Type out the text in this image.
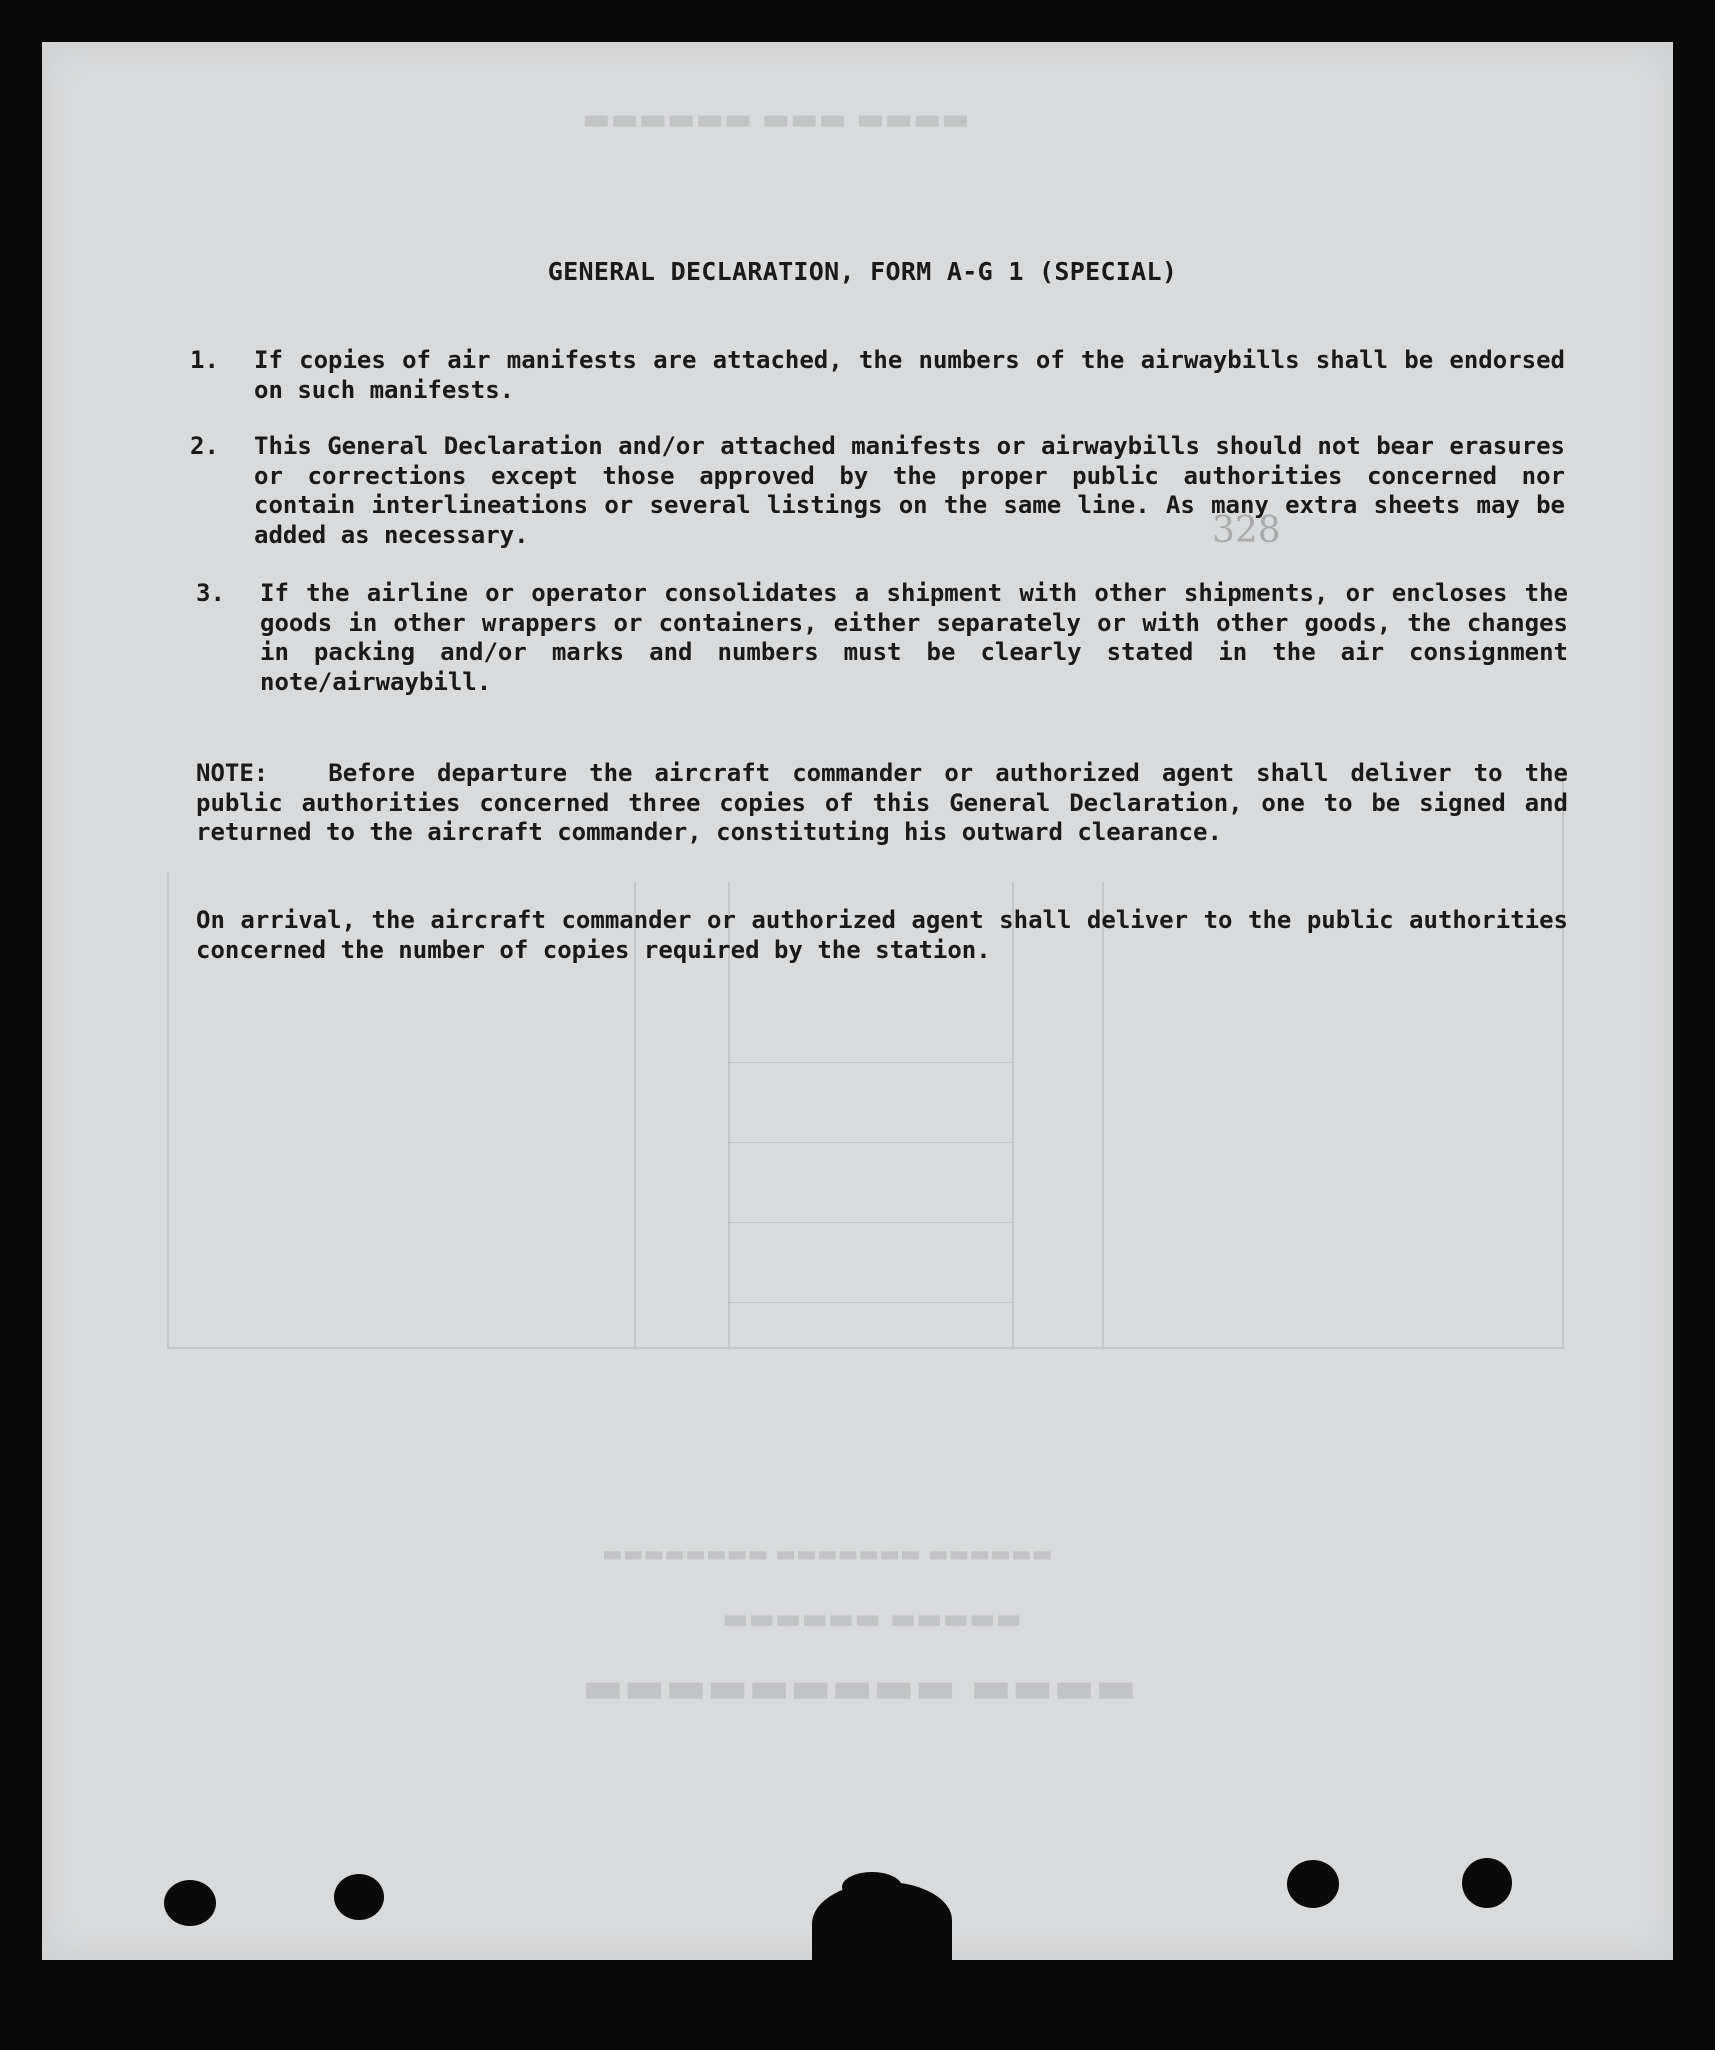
▬▬▬▬ ▬▬▬▬▬▬▬▬▬
▬▬▬▬▬ ▬▬▬▬▬▬
▬▬▬▬▬▬ ▬▬▬▬▬▬▬ ▬▬▬▬▬▬▬▬
▬▬▬▬ ▬▬▬ ▬▬▬▬▬▬
GENERAL DECLARATION, FORM A-G 1 (SPECIAL)
1. If copies of air manifests are attached, the numbers of the airwaybills shall be endorsed on such manifests.
2. This General Declaration and/or attached manifests or airwaybills should not bear erasures or corrections except those approved by the proper public authorities concerned nor contain interlineations or several listings on the same line. As many extra sheets may be added as necessary.
3. If the airline or operator consolidates a shipment with other shipments, or encloses the goods in other wrappers or containers, either separately or with other goods, the changes in packing and/or marks and numbers must be clearly stated in the air consignment note/airwaybill.
328
NOTE:	Before departure the aircraft commander or authorized agent shall deliver to the public authorities concerned three copies of this General Declaration, one to be signed and returned to the aircraft commander, constituting his outward clearance.
On arrival, the aircraft commander or authorized agent shall deliver to the public authorities concerned the number of copies required by the station.
